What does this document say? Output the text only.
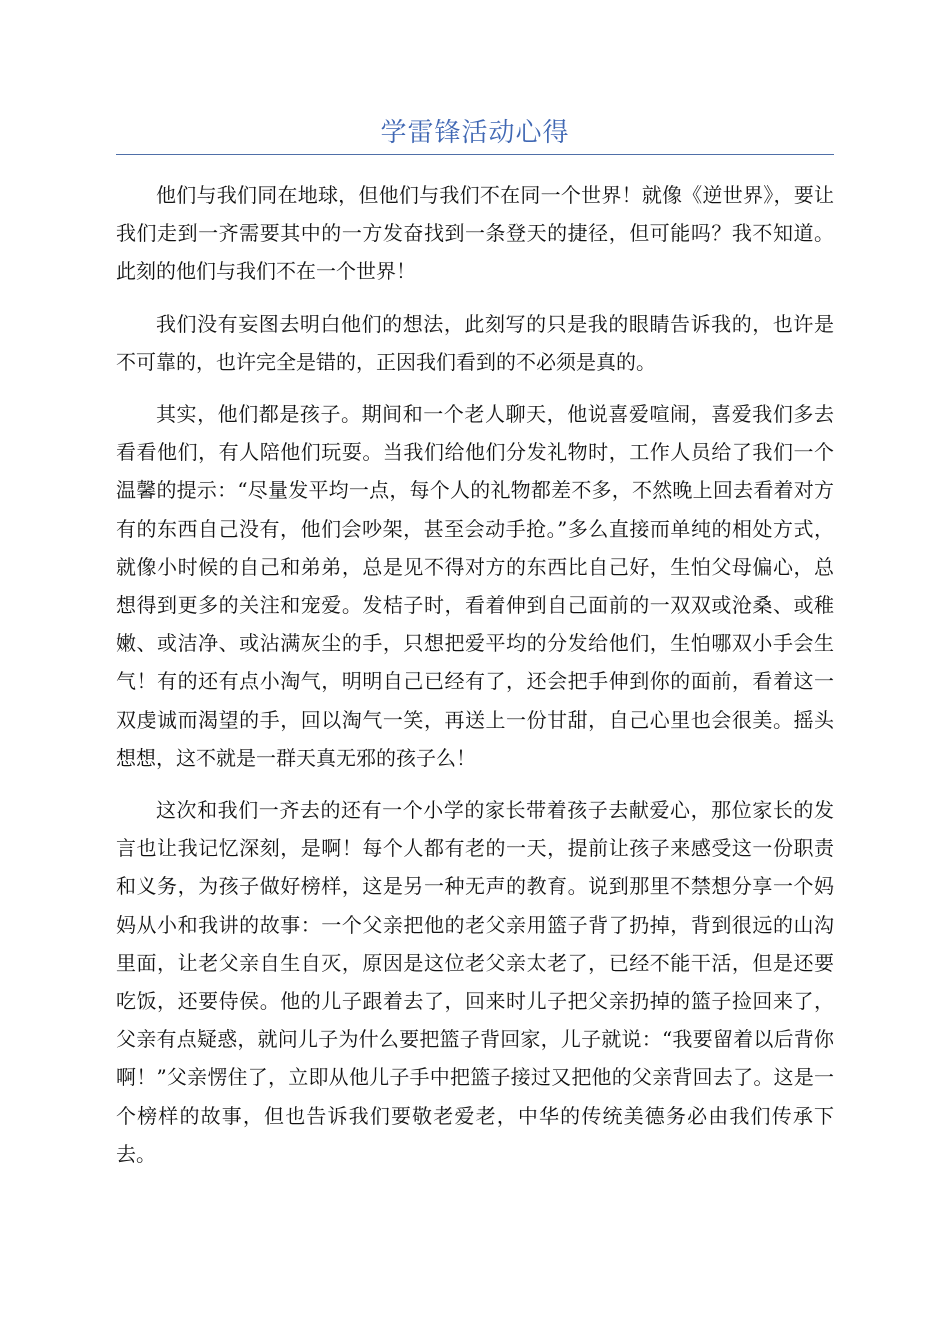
学雷锋活动心得

他们与我们同在地球，但他们与我们不在同一个世界！就像《逆世界》，要让我们走到一齐需要其中的一方发奋找到一条登天的捷径，但可能吗？我不知道。此刻的他们与我们不在一个世界！

我们没有妄图去明白他们的想法，此刻写的只是我的眼睛告诉我的，也许是不可靠的，也许完全是错的，正因我们看到的不必须是真的。

其实，他们都是孩子。期间和一个老人聊天，他说喜爱喧闹，喜爱我们多去看看他们，有人陪他们玩耍。当我们给他们分发礼物时，工作人员给了我们一个温馨的提示：“尽量发平均一点，每个人的礼物都差不多，不然晚上回去看着对方有的东西自己没有，他们会吵架，甚至会动手抢。”多么直接而单纯的相处方式，就像小时候的自己和弟弟，总是见不得对方的东西比自己好，生怕父母偏心，总想得到更多的关注和宠爱。发桔子时，看着伸到自己面前的一双双或沧桑、或稚嫩、或洁净、或沾满灰尘的手，只想把爱平均的分发给他们，生怕哪双小手会生气！有的还有点小淘气，明明自己已经有了，还会把手伸到你的面前，看着这一双虔诚而渴望的手，回以淘气一笑，再送上一份甘甜，自己心里也会很美。摇头想想，这不就是一群天真无邪的孩子么！

这次和我们一齐去的还有一个小学的家长带着孩子去献爱心，那位家长的发言也让我记忆深刻，是啊！每个人都有老的一天，提前让孩子来感受这一份职责和义务，为孩子做好榜样，这是另一种无声的教育。说到那里不禁想分享一个妈妈从小和我讲的故事：一个父亲把他的老父亲用篮子背了扔掉，背到很远的山沟里面，让老父亲自生自灭，原因是这位老父亲太老了，已经不能干活，但是还要吃饭，还要侍侯。他的儿子跟着去了，回来时儿子把父亲扔掉的篮子捡回来了，父亲有点疑惑，就问儿子为什么要把篮子背回家，儿子就说：“我要留着以后背你啊！”父亲愣住了，立即从他儿子手中把篮子接过又把他的父亲背回去了。这是一个榜样的故事，但也告诉我们要敬老爱老，中华的传统美德务必由我们传承下去。
